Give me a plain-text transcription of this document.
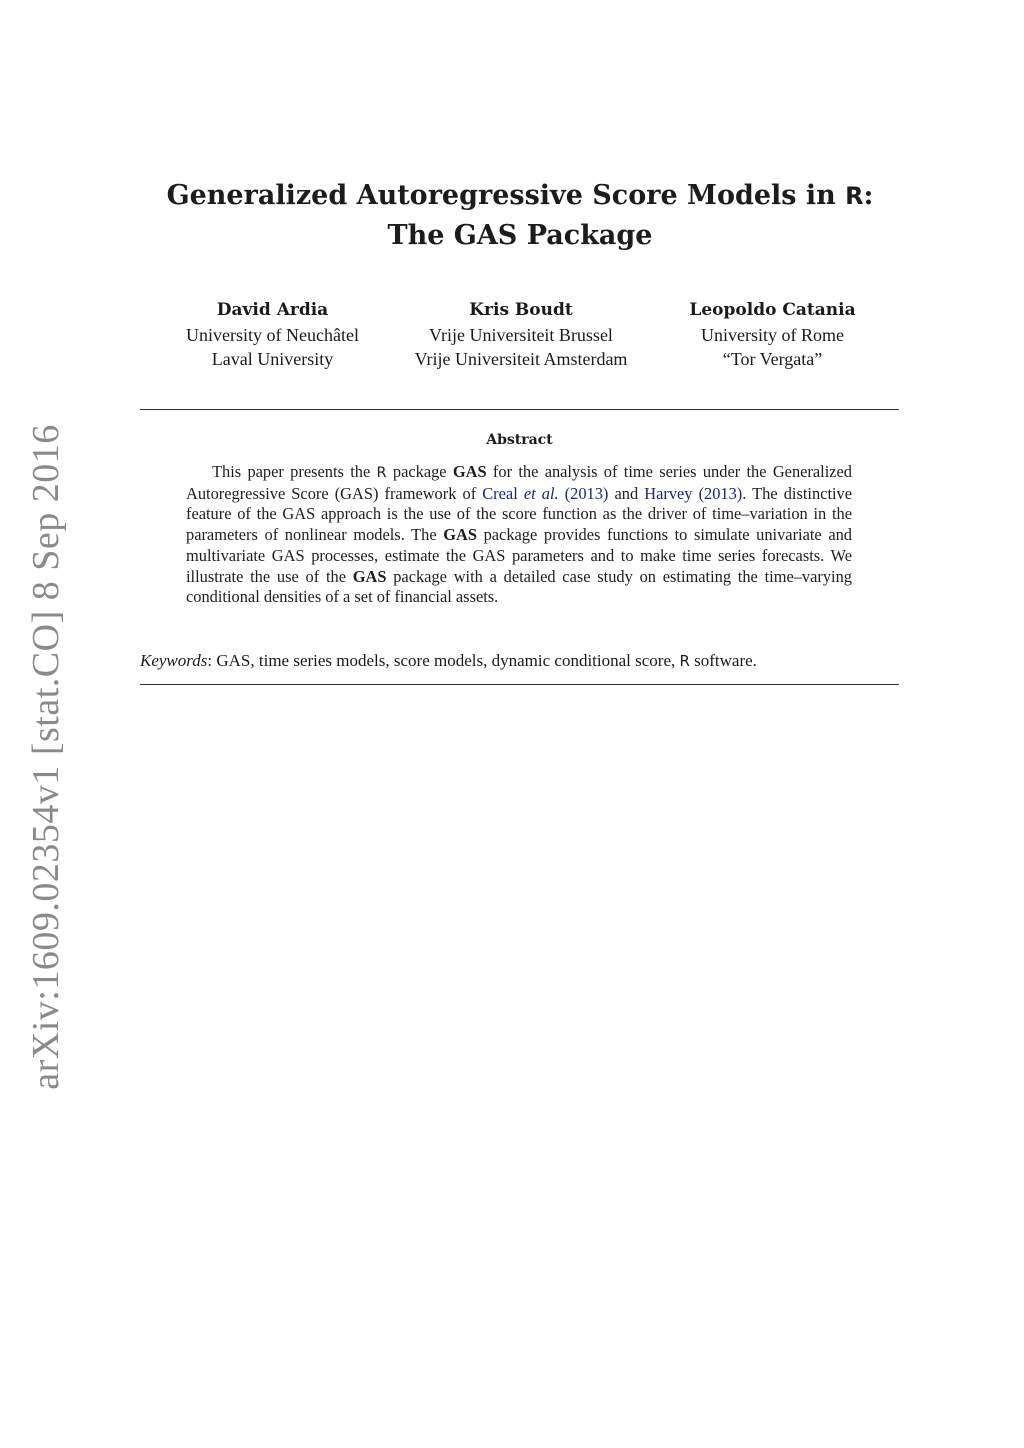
arXiv:1609.02354v1 [stat.CO] 8 Sep 2016
Generalized Autoregressive Score Models in R:
The GAS Package
David Ardia
University of Neuchâtel
Laval University
Kris Boudt
Vrije Universiteit Brussel
Vrije Universiteit Amsterdam
Leopoldo Catania
University of Rome
“Tor Vergata”
Abstract

This paper presents the R package GAS for the analysis of time series under the Generalized Autoregressive Score (GAS) framework of Creal et al. (2013) and Harvey (2013). The distinctive feature of the GAS approach is the use of the score function as the driver of time–variation in the parameters of nonlinear models. The GAS package provides functions to simulate univariate and multivariate GAS processes, estimate the GAS parameters and to make time series forecasts. We illustrate the use of the GAS package with a detailed case study on estimating the time–varying conditional densities of a set of financial assets.

Keywords: GAS, time series models, score models, dynamic conditional score, R software.
